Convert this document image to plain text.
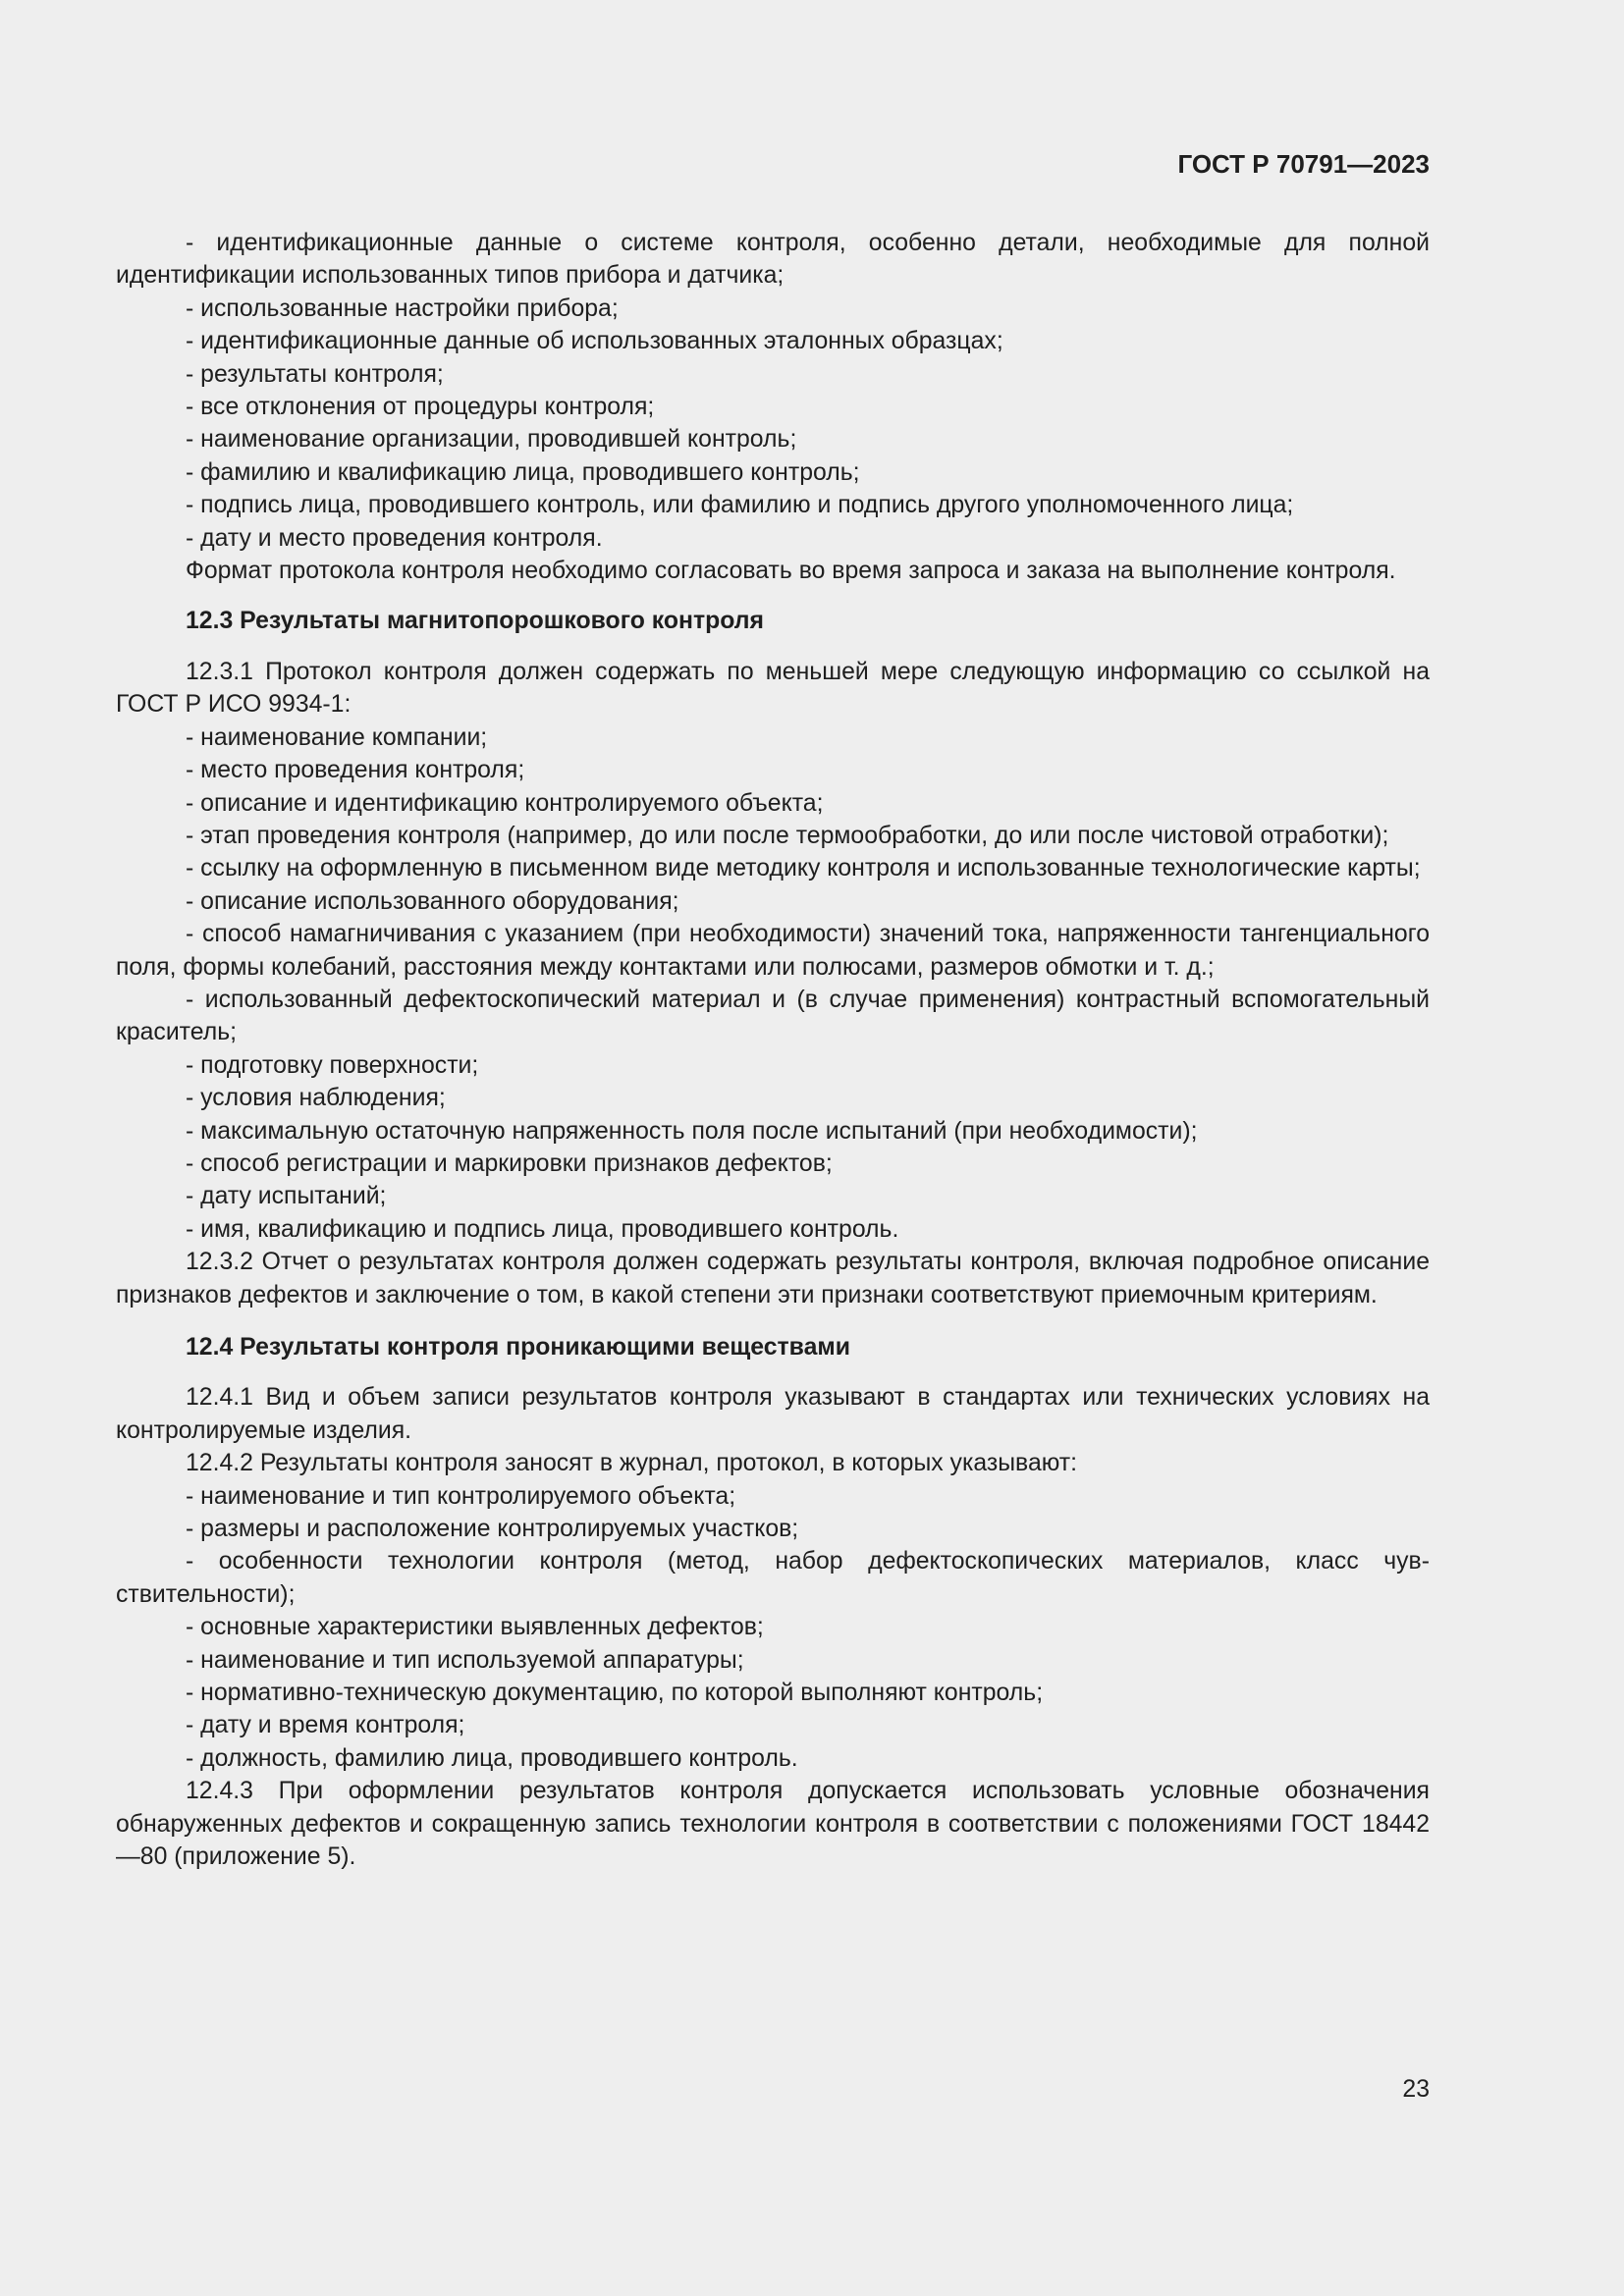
ГОСТ Р 70791—2023

- идентификационные данные о системе контроля, особенно детали, необходимые для полной идентификации использованных типов прибора и датчика;

- использованные настройки прибора;

- идентификационные данные об использованных эталонных образцах;

- результаты контроля;

- все отклонения от процедуры контроля;

- наименование организации, проводившей контроль;

- фамилию и квалификацию лица, проводившего контроль;

- подпись лица, проводившего контроль, или фамилию и подпись другого уполномоченного лица;

- дату и место проведения контроля.

Формат протокола контроля необходимо согласовать во время запроса и заказа на выполнение контроля.

12.3 Результаты магнитопорошкового контроля

12.3.1 Протокол контроля должен содержать по меньшей мере следующую информацию со ссылкой на ГОСТ Р ИСО 9934-1:

- наименование компании;

- место проведения контроля;

- описание и идентификацию контролируемого объекта;

- этап проведения контроля (например, до или после термообработки, до или после чистовой отработки);

- ссылку на оформленную в письменном виде методику контроля и использованные технологические карты;

- описание использованного оборудования;

- способ намагничивания с указанием (при необходимости) значений тока, напряженности тангенциального поля, формы колебаний, расстояния между контактами или полюсами, размеров обмотки и т. д.;

- использованный дефектоскопический материал и (в случае применения) контрастный вспомогательный краситель;

- подготовку поверхности;

- условия наблюдения;

- максимальную остаточную напряженность поля после испытаний (при необходимости);

- способ регистрации и маркировки признаков дефектов;

- дату испытаний;

- имя, квалификацию и подпись лица, проводившего контроль.

12.3.2 Отчет о результатах контроля должен содержать результаты контроля, включая подробное описание признаков дефектов и заключение о том, в какой степени эти признаки соответствуют приемочным критериям.

12.4 Результаты контроля проникающими веществами

12.4.1 Вид и объем записи результатов контроля указывают в стандартах или технических условиях на контролируемые изделия.

12.4.2 Результаты контроля заносят в журнал, протокол, в которых указывают:

- наименование и тип контролируемого объекта;

- размеры и расположение контролируемых участков;

- особенности технологии контроля (метод, набор дефектоскопических материалов, класс чувствительности);

- основные характеристики выявленных дефектов;

- наименование и тип используемой аппаратуры;

- нормативно-техническую документацию, по которой выполняют контроль;

- дату и время контроля;

- должность, фамилию лица, проводившего контроль.

12.4.3 При оформлении результатов контроля допускается использовать условные обозначения обнаруженных дефектов и сокращенную запись технологии контроля в соответствии с положениями ГОСТ 18442—80 (приложение 5).

23
